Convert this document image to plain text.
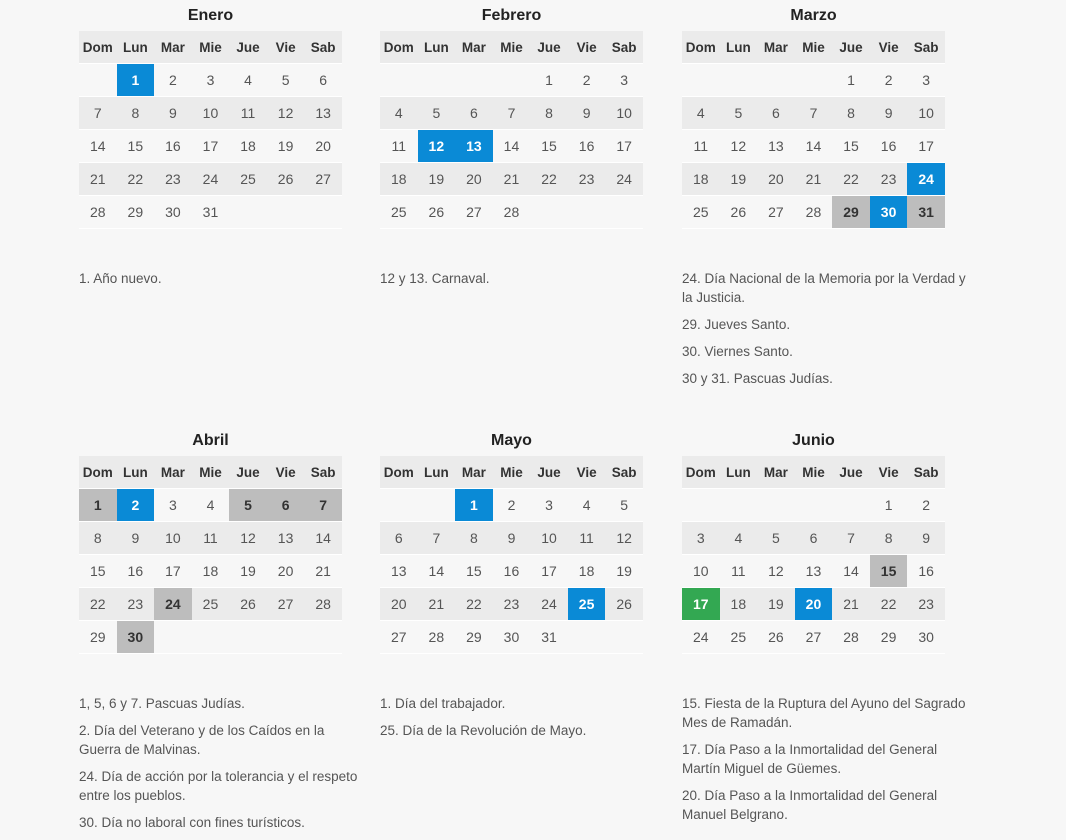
Enero
Dom	Lun	Mar	Mie	Jue	Vie	Sab
	1	2	3	4	5	6
7	8	9	10	11	12	13
14	15	16	17	18	19	20
21	22	23	24	25	26	27
28	29	30	31			
Febrero
Dom	Lun	Mar	Mie	Jue	Vie	Sab
				1	2	3
4	5	6	7	8	9	10
11	12	13	14	15	16	17
18	19	20	21	22	23	24
25	26	27	28			
Marzo
Dom	Lun	Mar	Mie	Jue	Vie	Sab
				1	2	3
4	5	6	7	8	9	10
11	12	13	14	15	16	17
18	19	20	21	22	23	24
25	26	27	28	29	30	31
Abril
Dom	Lun	Mar	Mie	Jue	Vie	Sab
1	2	3	4	5	6	7
8	9	10	11	12	13	14
15	16	17	18	19	20	21
22	23	24	25	26	27	28
29	30					
Mayo
Dom	Lun	Mar	Mie	Jue	Vie	Sab
		1	2	3	4	5
6	7	8	9	10	11	12
13	14	15	16	17	18	19
20	21	22	23	24	25	26
27	28	29	30	31		
Junio
Dom	Lun	Mar	Mie	Jue	Vie	Sab
					1	2
3	4	5	6	7	8	9
10	11	12	13	14	15	16
17	18	19	20	21	22	23
24	25	26	27	28	29	30

1. Año nuevo.	12 y 13. Carnaval.	24. Día Nacional de la Memoria por la Verdad y la Justicia.

29. Jueves Santo.

30. Viernes Santo.

30 y 31. Pascuas Judías.

1, 5, 6 y 7. Pascuas Judías.

2. Día del Veterano y de los Caídos en la Guerra de Malvinas.

24. Día de acción por la tolerancia y el respeto entre los pueblos.

30. Día no laboral con fines turísticos.

1. Día del trabajador.

25. Día de la Revolución de Mayo.

15. Fiesta de la Ruptura del Ayuno del Sagrado Mes de Ramadán.

17. Día Paso a la Inmortalidad del General Martín Miguel de Güemes.

20. Día Paso a la Inmortalidad del General Manuel Belgrano.
